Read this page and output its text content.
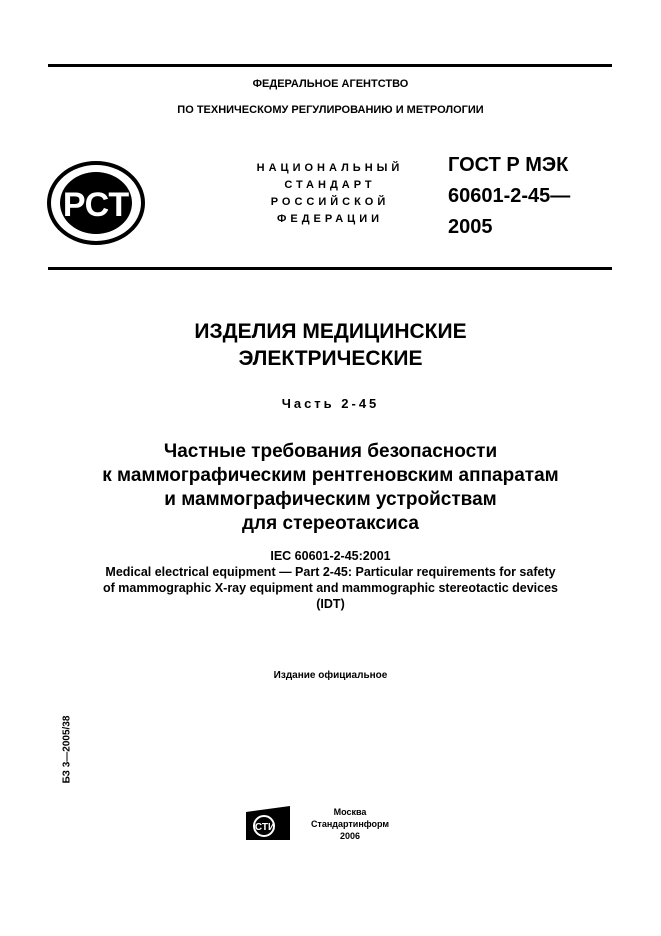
ФЕДЕРАЛЬНОЕ АГЕНТСТВО
ПО ТЕХНИЧЕСКОМУ РЕГУЛИРОВАНИЮ И МЕТРОЛОГИИ
РСТ
НАЦИОНАЛЬНЫЙ
СТАНДАРТ
РОССИЙСКОЙ
ФЕДЕРАЦИИ
ГОСТ Р МЭК
60601-2-45—
2005
ИЗДЕЛИЯ МЕДИЦИНСКИЕ
ЭЛЕКТРИЧЕСКИЕ
Часть 2-45
Частные требования безопасности
к маммографическим рентгеновским аппаратам
и маммографическим устройствам
для стереотаксиса
IEC 60601-2-45:2001
Medical electrical equipment — Part 2-45: Particular requirements for safety
of mammographic X-ray equipment and mammographic stereotactic devices
(IDT)
Издание официальное
БЗ 3—2005/38
СТИ
Москва
Стандартинформ
2006
